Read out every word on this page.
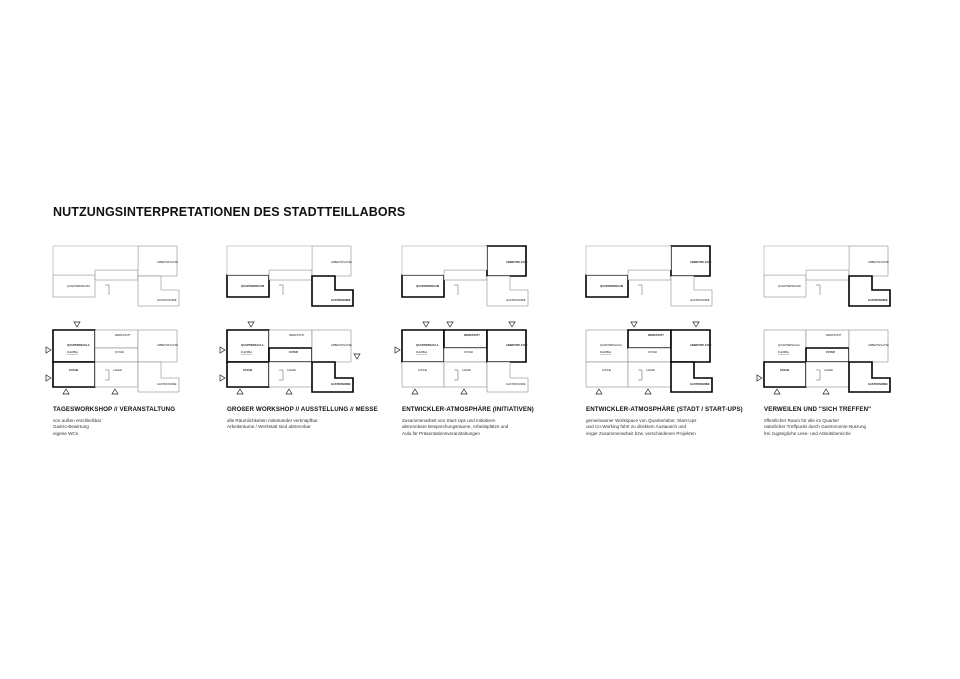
NUTZUNGSINTERPRETATIONEN DES STADTTEILLABORS
QUARTIERSRAUM
ARBEITSPLÄTZE
GASTRONOMIE
QUARTIERSAULA
FLEXIBEL
KÜCHE
WERKSTATT
FOYER
LAGER
ARBEITSPLÄTZE
GASTRONOMIE
TAGESWORKSHOP // VERANSTALTUNG
von außen erschließbar
Gastro-Bewirtung
eigene WCs
QUARTIERSRAUM
ARBEITSPLÄTZE
GASTRONOMIE
QUARTIERSAULA
FLEXIBEL
KÜCHE
WERKSTATT
FOYER
LAGER
ARBEITSPLÄTZE
GASTRONOMIE
GROßER WORKSHOP // AUSSTELLUNG // MESSE
alle Räumlichkeiten miteinander verknüpfbar
Arbeitsräume / Werkstatt sind abtrennbar
QUARTIERSRAUM
ARBEITSPLÄTZE
GASTRONOMIE
QUARTIERSAULA
FLEXIBEL
KÜCHE
WERKSTATT
FOYER
LAGER
ARBEITSPLÄTZE
GASTRONOMIE
ENTWICKLER-ATMOSPHÄRE (INITIATIVEN)
Zusammenarbeit von Start-Ups und Initiativen
abtrennbare Besprechungsräume, Arbeitsplätze und
Aula für Präsentationsveranstaltungen
QUARTIERSRAUM
ARBEITSPLÄTZE
GASTRONOMIE
QUARTIERSAULA
FLEXIBEL
KÜCHE
WERKSTATT
FOYER
LAGER
ARBEITSPLÄTZE
GASTRONOMIE
ENTWICKLER-ATMOSPHÄRE (STADT / START-UPS)
gemeinsamer Workspace von Quartierlabor, Start-Ups
und Co-Working führt zu direktem Austausch und
enger Zusammenarbeit bzw. verschiedenen Projekten
QUARTIERSRAUM
ARBEITSPLÄTZE
GASTRONOMIE
QUARTIERSAULA
FLEXIBEL
KÜCHE
WERKSTATT
FOYER
LAGER
ARBEITSPLÄTZE
GASTRONOMIE
VERWEILEN UND "SICH TREFFEN"
öffentlicher Raum für alle im Quartier
natürlicher Treffpunkt durch Gastronomie-Nutzung
frei zugängliche Lese- und Arbeitsbereiche
